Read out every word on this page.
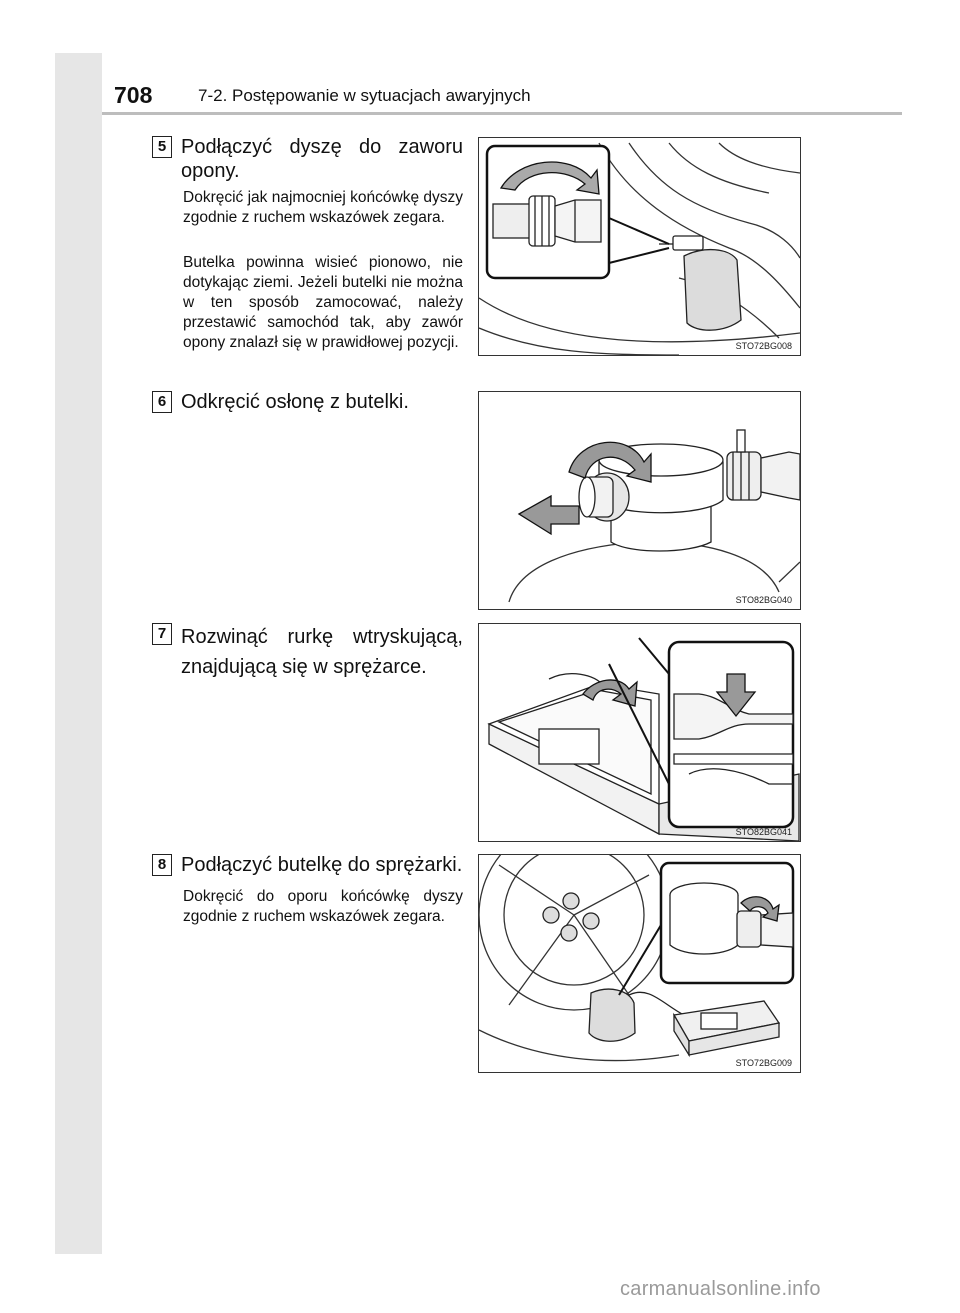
708	7-2. Postępowanie w sytuacjach awaryjnych
5 Podłączyć dyszę do zaworu opony.
Dokręcić jak najmocniej końcówkę dyszy zgodnie z ruchem wskazówek zegara.
Butelka powinna wisieć pionowo, nie dotykając ziemi. Jeżeli butelki nie można w ten sposób zamocować, należy przestawić samochód tak, aby zawór opony znalazł się w prawidłowej pozycji.	STO72BG008
6 Odkręcić osłonę z butelki.
STO82BG040
7 Rozwinąć rurkę wtryskującą, znajdującą się w sprężarce.
STO82BG041
8 Podłączyć butelkę do sprężarki.
Dokręcić do oporu końcówkę dyszy zgodnie z ruchem wskazówek zegara.
STO72BG009
carmanualsonline.info
